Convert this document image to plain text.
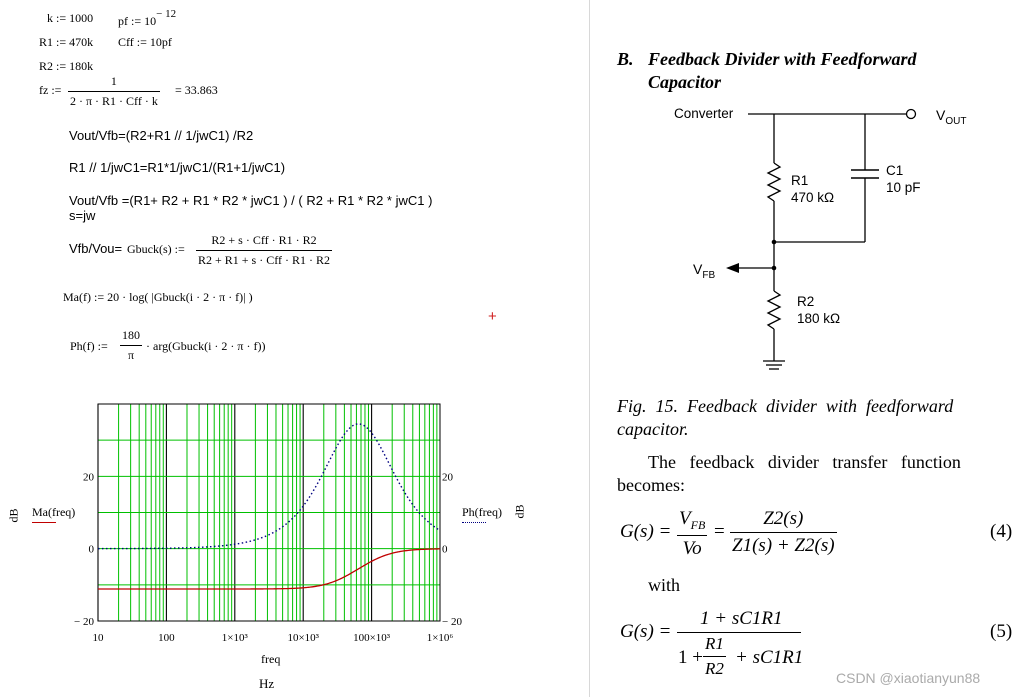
k := 1000 pf := $10^{- 12}$
R1 := 470k Cff := 10pf
R2 := 180k
fz :=
1
2 · π · R1 · Cff · k
= 33.863
Vout/Vfb=(R2+R1 // 1/jwC1) /R2
R1 // 1/jwC1=R1*1/jwC1/(R1+1/jwC1)
Vout/Vfb =(R1+ R2 + R1 * R2 * jwC1 ) / ( R2 + R1 * R2 * jwC1 )
s=jw
Vfb/Vou= Gbuck(s) :=
R2 + s · Cff · R1 · R2
R2 + R1 + s · Cff · R1 · R2
Ma(f) := 20 · log( |Gbuck(i · 2 · π · f)| )
+
Ph(f) :=
180
π
· arg(Gbuck(i · 2 · π · f))
10	100	1×10³	10×10³	100×10³	1×10⁶
20
0
− 20
20
0
− 20
dB Ma(freq)	Ph(freq) dB
freq
Hz
B. Feedback Divider with Feedforward
Capacitor
Converter	$V_{OUT}$
R1
470 kΩ
C1
10 pF
$V_{FB}$
R2
180 kΩ
Fig.  15.  Feedback  divider  with  feedforward
capacitor.
The   feedback   divider   transfer   function
becomes:
G(s) =
$V_{FB}$
Vo
=
Z2(s)
Z1(s) + Z2(s)
(4)
with
G(s) =
1 + sC1R1
1 +
R1
R2
+ sC1R1
(5)
CSDN @xiaotianyun88
